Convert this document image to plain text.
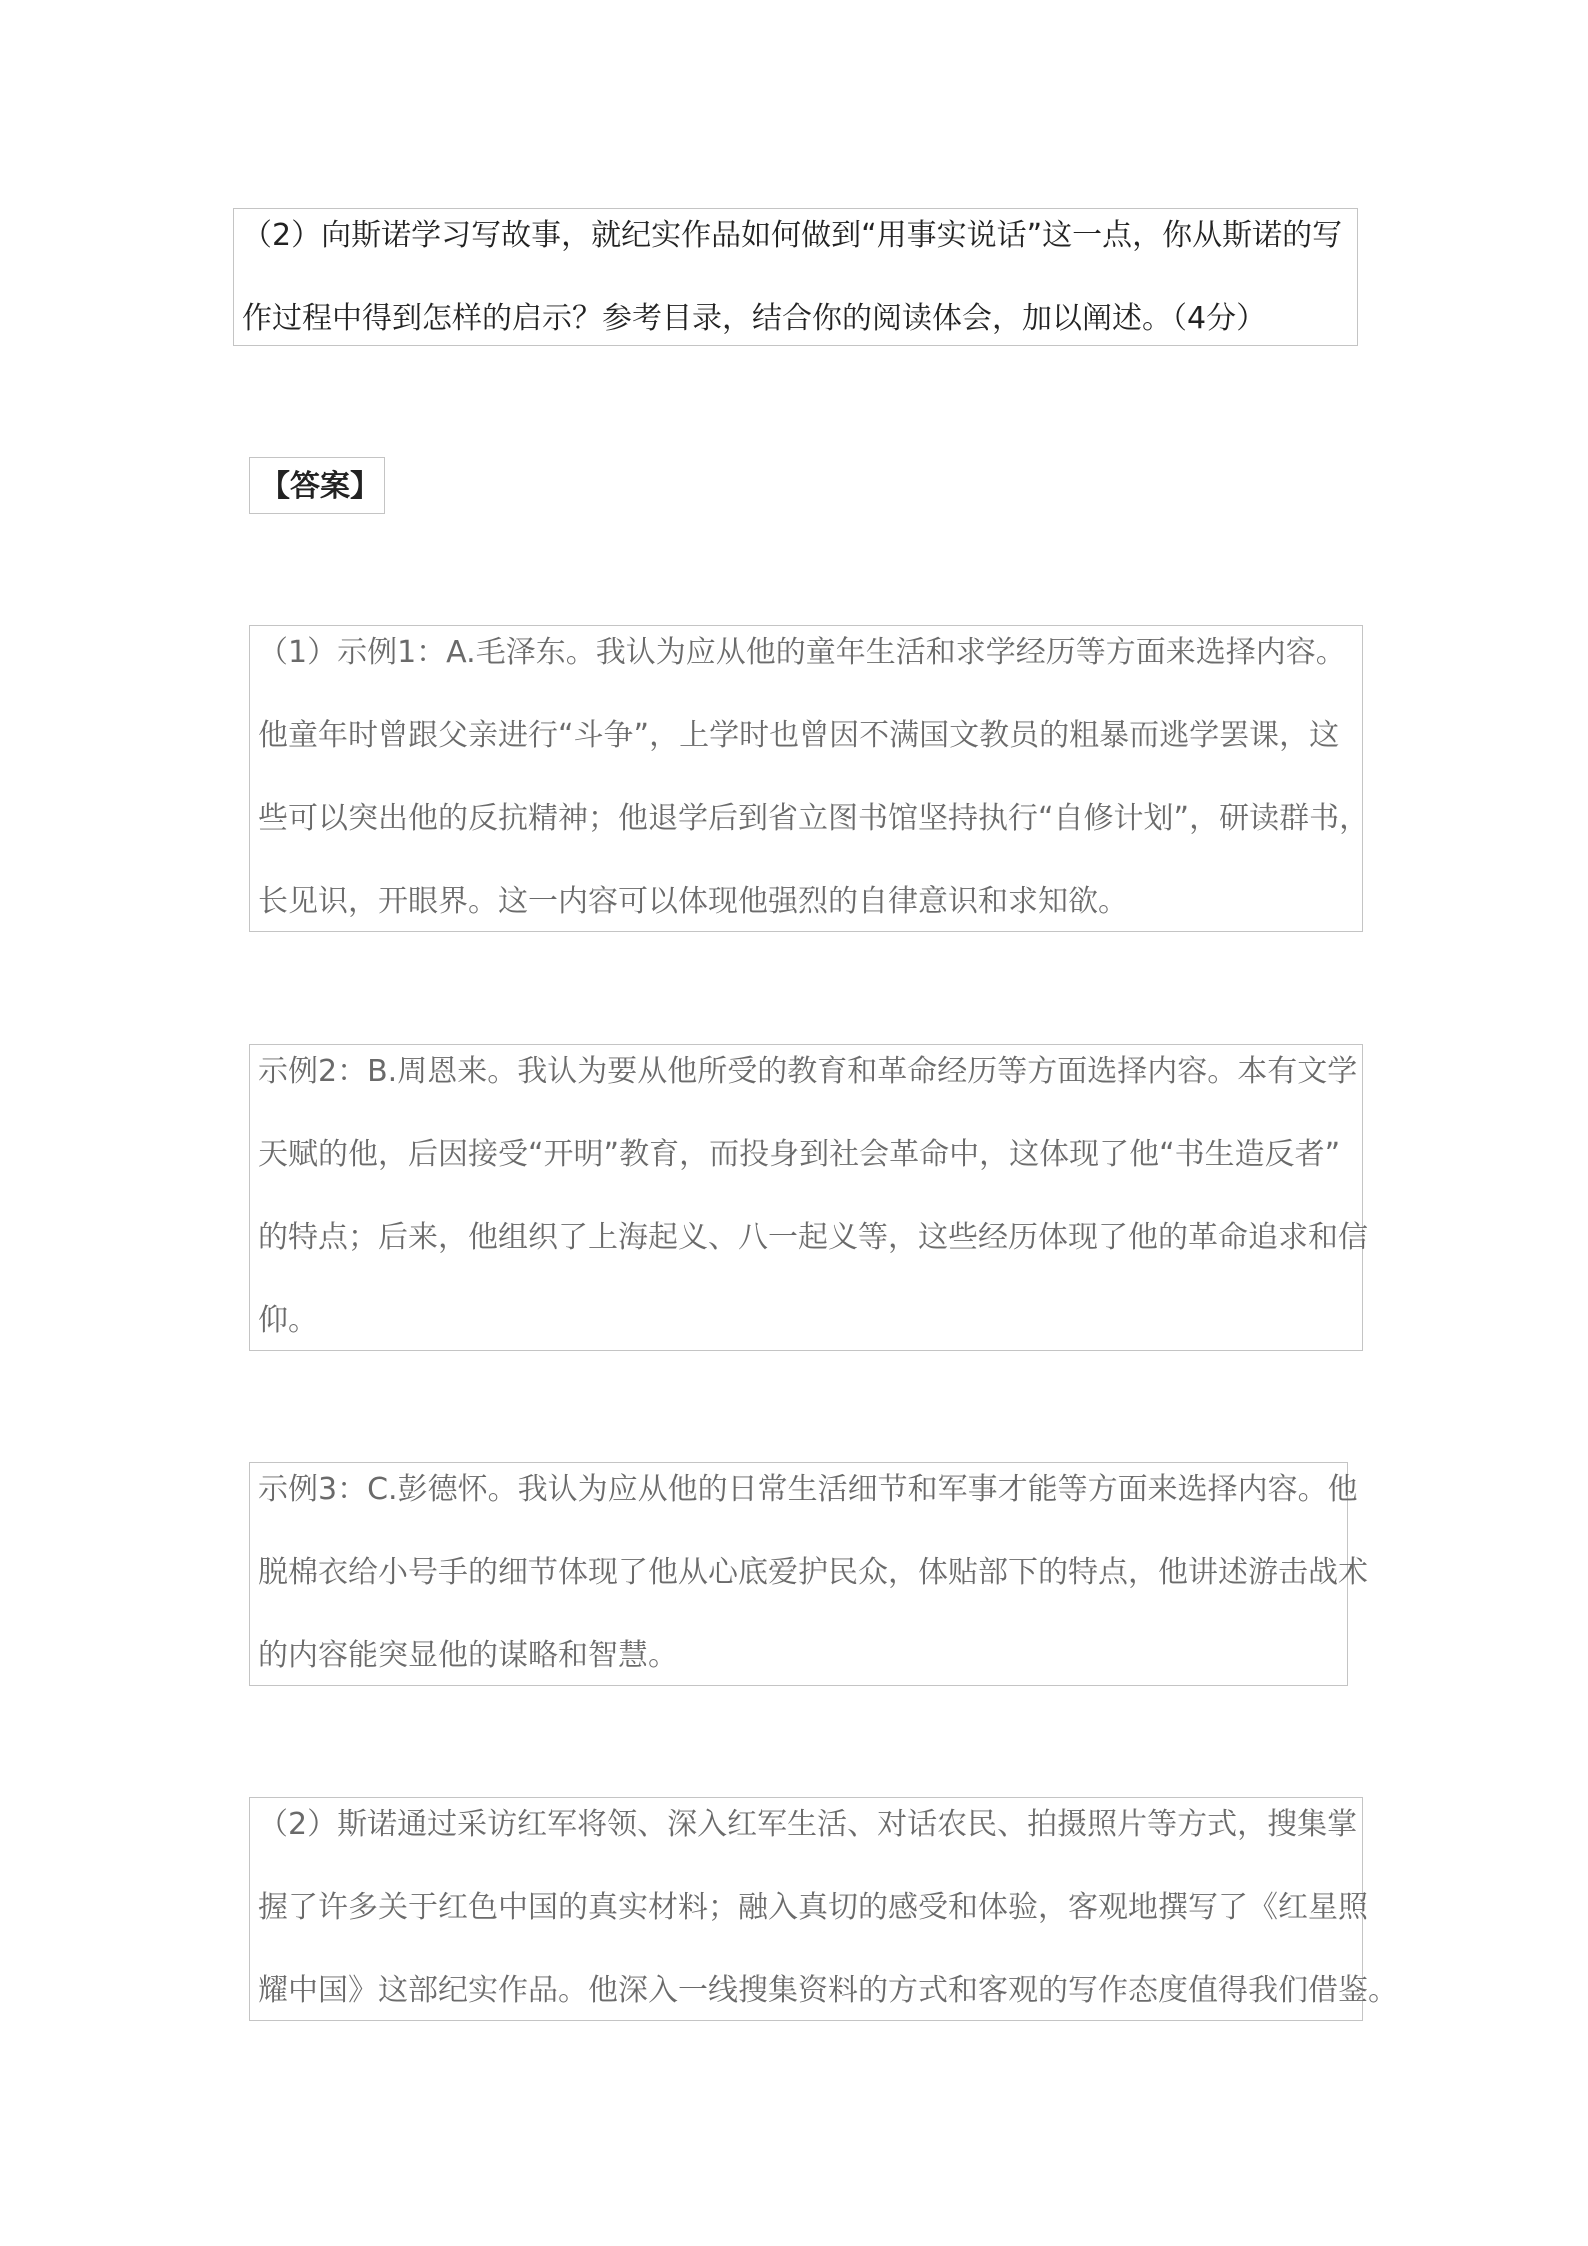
（2）向斯诺学习写故事，就纪实作品如何做到“用事实说话”这一点，你从斯诺的写
作过程中得到怎样的启示？参考目录，结合你的阅读体会，加以阐述。（4分）
【答案】
（1）示例1：A.毛泽东。我认为应从他的童年生活和求学经历等方面来选择内容。
他童年时曾跟父亲进行“斗争”，上学时也曾因不满国文教员的粗暴而逃学罢课，这
些可以突出他的反抗精神；他退学后到省立图书馆坚持执行“自修计划”，研读群书，
长见识，开眼界。这一内容可以体现他强烈的自律意识和求知欲。
示例2：B.周恩来。我认为要从他所受的教育和革命经历等方面选择内容。本有文学
天赋的他，后因接受“开明”教育，而投身到社会革命中，这体现了他“书生造反者”
的特点；后来，他组织了上海起义、八一起义等，这些经历体现了他的革命追求和信
仰。
示例3：C.彭德怀。我认为应从他的日常生活细节和军事才能等方面来选择内容。他
脱棉衣给小号手的细节体现了他从心底爱护民众，体贴部下的特点，他讲述游击战术
的内容能突显他的谋略和智慧。
（2）斯诺通过采访红军将领、深入红军生活、对话农民、拍摄照片等方式，搜集掌
握了许多关于红色中国的真实材料；融入真切的感受和体验，客观地撰写了《红星照
耀中国》这部纪实作品。他深入一线搜集资料的方式和客观的写作态度值得我们借鉴。
